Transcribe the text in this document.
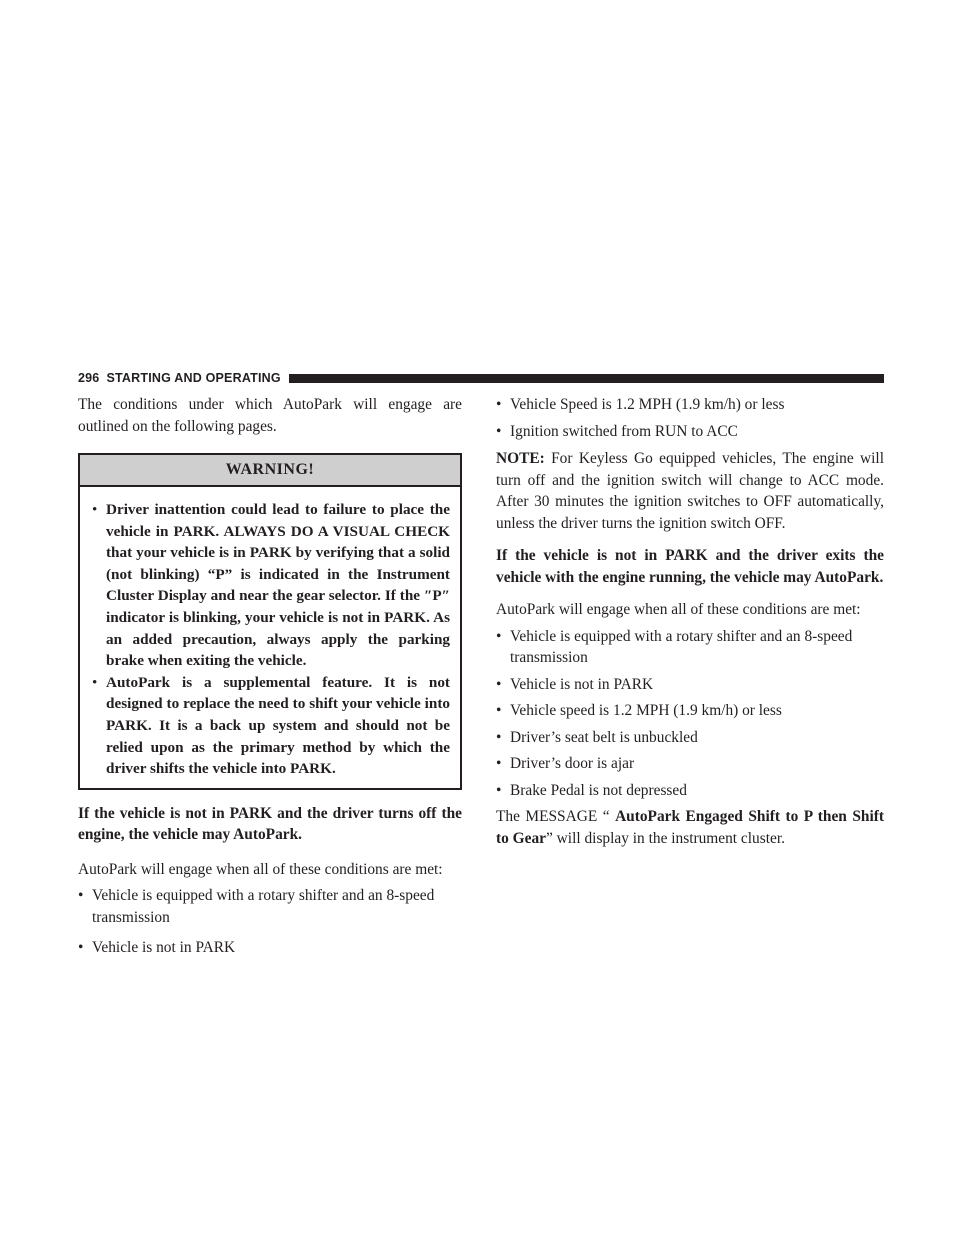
296 STARTING AND OPERATING

The conditions under which AutoPark will engage are outlined on the following pages.

WARNING!
• Driver inattention could lead to failure to place the vehicle in PARK. ALWAYS DO A VISUAL CHECK that your vehicle is in PARK by verifying that a solid (not blinking) “P” is indicated in the Instrument Cluster Display and near the gear selector. If the ″P″ indicator is blinking, your vehicle is not in PARK. As an added precaution, always apply the parking brake when exiting the vehicle.
• AutoPark is a supplemental feature. It is not designed to replace the need to shift your vehicle into PARK. It is a back up system and should not be relied upon as the primary method by which the driver shifts the vehicle into PARK.

If the vehicle is not in PARK and the driver turns off the engine, the vehicle may AutoPark.

AutoPark will engage when all of these conditions are met:

• Vehicle is equipped with a rotary shifter and an 8-speed
transmission
• Vehicle is not in PARK
• Vehicle Speed is 1.2 MPH (1.9 km/h) or less
• Ignition switched from RUN to ACC

NOTE: For Keyless Go equipped vehicles, The engine will turn off and the ignition switch will change to ACC mode. After 30 minutes the ignition switches to OFF automatically, unless the driver turns the ignition switch OFF.

If the vehicle is not in PARK and the driver exits the vehicle with the engine running, the vehicle may AutoPark.

AutoPark will engage when all of these conditions are met:

• Vehicle is equipped with a rotary shifter and an 8-speed
transmission
• Vehicle is not in PARK
• Vehicle speed is 1.2 MPH (1.9 km/h) or less
• Driver’s seat belt is unbuckled
• Driver’s door is ajar
• Brake Pedal is not depressed

The MESSAGE “ AutoPark Engaged Shift to P then Shift to Gear” will display in the instrument cluster.
